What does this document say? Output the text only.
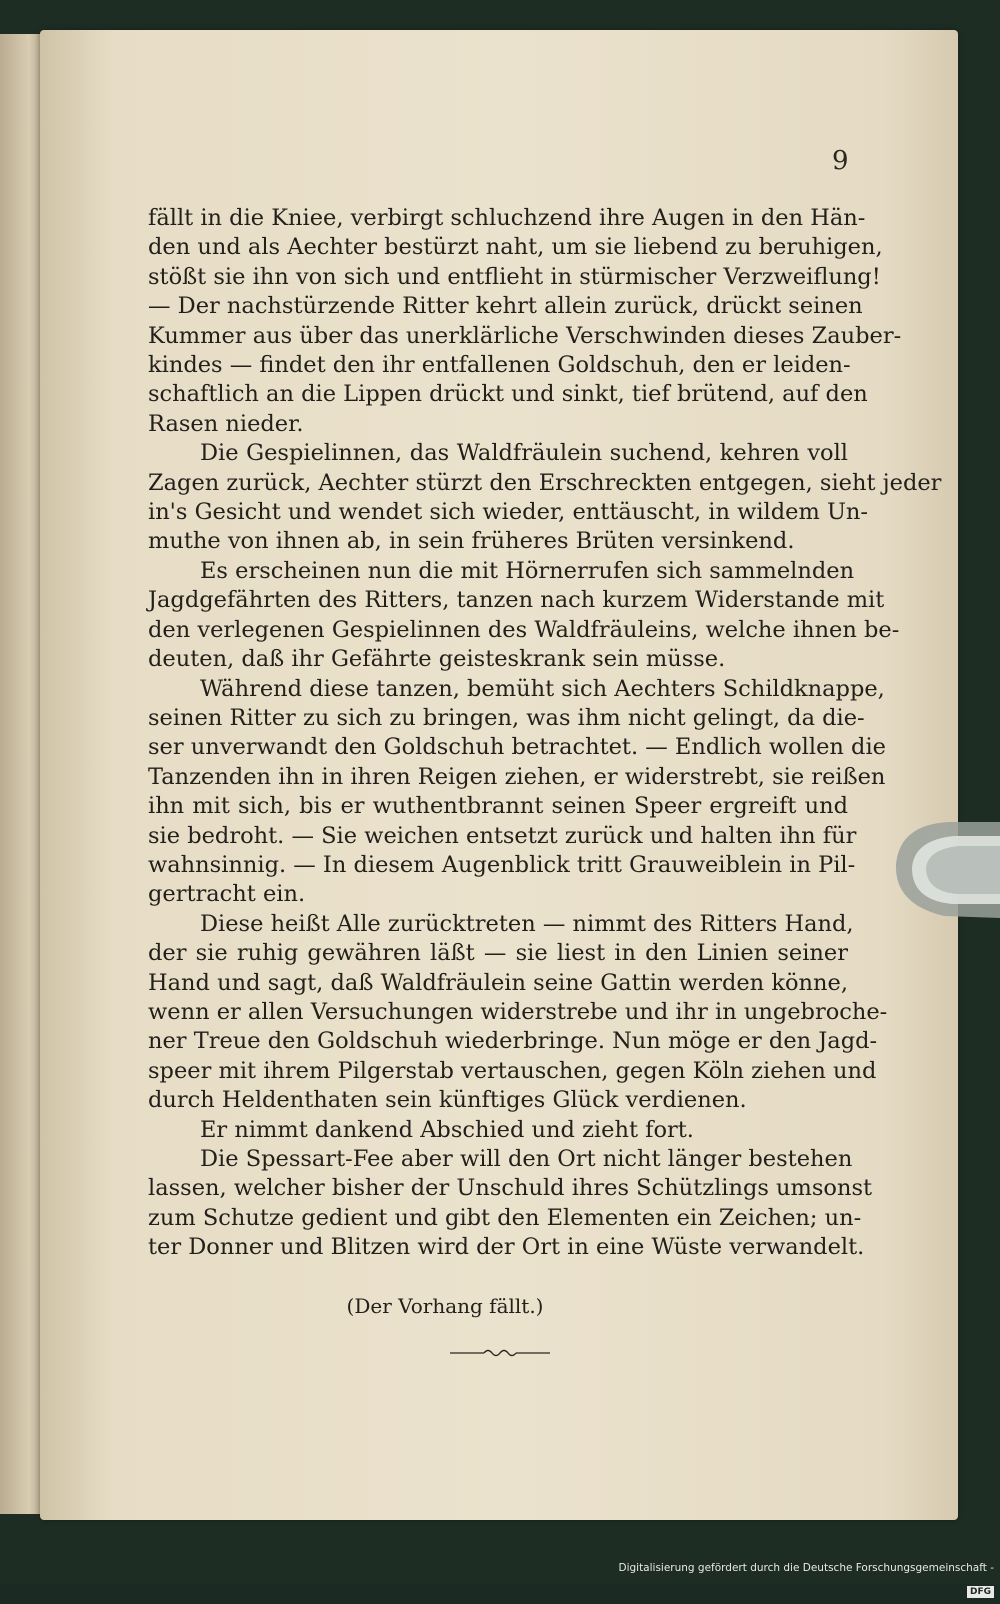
9
fällt in die Kniee, verbirgt schluchzend ihre Augen in den Hän-
den und als Aechter bestürzt naht, um sie liebend zu beruhigen,
stößt sie ihn von sich und entflieht in stürmischer Verzweiflung!
— Der nachstürzende Ritter kehrt allein zurück, drückt seinen
Kummer aus über das unerklärliche Verschwinden dieses Zauber-
kindes — findet den ihr entfallenen Goldschuh, den er leiden-
schaftlich an die Lippen drückt und sinkt, tief brütend, auf den
Rasen nieder.
Die Gespielinnen, das Waldfräulein suchend, kehren voll
Zagen zurück, Aechter stürzt den Erschreckten entgegen, sieht jeder
in's Gesicht und wendet sich wieder, enttäuscht, in wildem Un-
muthe von ihnen ab, in sein früheres Brüten versinkend.
Es erscheinen nun die mit Hörnerrufen sich sammelnden
Jagdgefährten des Ritters, tanzen nach kurzem Widerstande mit
den verlegenen Gespielinnen des Waldfräuleins, welche ihnen be-
deuten, daß ihr Gefährte geisteskrank sein müsse.
Während diese tanzen, bemüht sich Aechters Schildknappe,
seinen Ritter zu sich zu bringen, was ihm nicht gelingt, da die-
ser unverwandt den Goldschuh betrachtet. — Endlich wollen die
Tanzenden ihn in ihren Reigen ziehen, er widerstrebt, sie reißen
ihn mit sich, bis er wuthentbrannt seinen Speer ergreift und
sie bedroht. — Sie weichen entsetzt zurück und halten ihn für
wahnsinnig. — In diesem Augenblick tritt Grauweiblein in Pil-
gertracht ein.
Diese heißt Alle zurücktreten — nimmt des Ritters Hand,
der sie ruhig gewähren läßt — sie liest in den Linien seiner
Hand und sagt, daß Waldfräulein seine Gattin werden könne,
wenn er allen Versuchungen widerstrebe und ihr in ungebroche-
ner Treue den Goldschuh wiederbringe. Nun möge er den Jagd-
speer mit ihrem Pilgerstab vertauschen, gegen Köln ziehen und
durch Heldenthaten sein künftiges Glück verdienen.
Er nimmt dankend Abschied und zieht fort.
Die Spessart-Fee aber will den Ort nicht länger bestehen
lassen, welcher bisher der Unschuld ihres Schützlings umsonst
zum Schutze gedient und gibt den Elementen ein Zeichen; un-
ter Donner und Blitzen wird der Ort in eine Wüste verwandelt.
(Der Vorhang fällt.)
Digitalisierung gefördert durch die Deutsche Forschungsgemeinschaft - DFG
